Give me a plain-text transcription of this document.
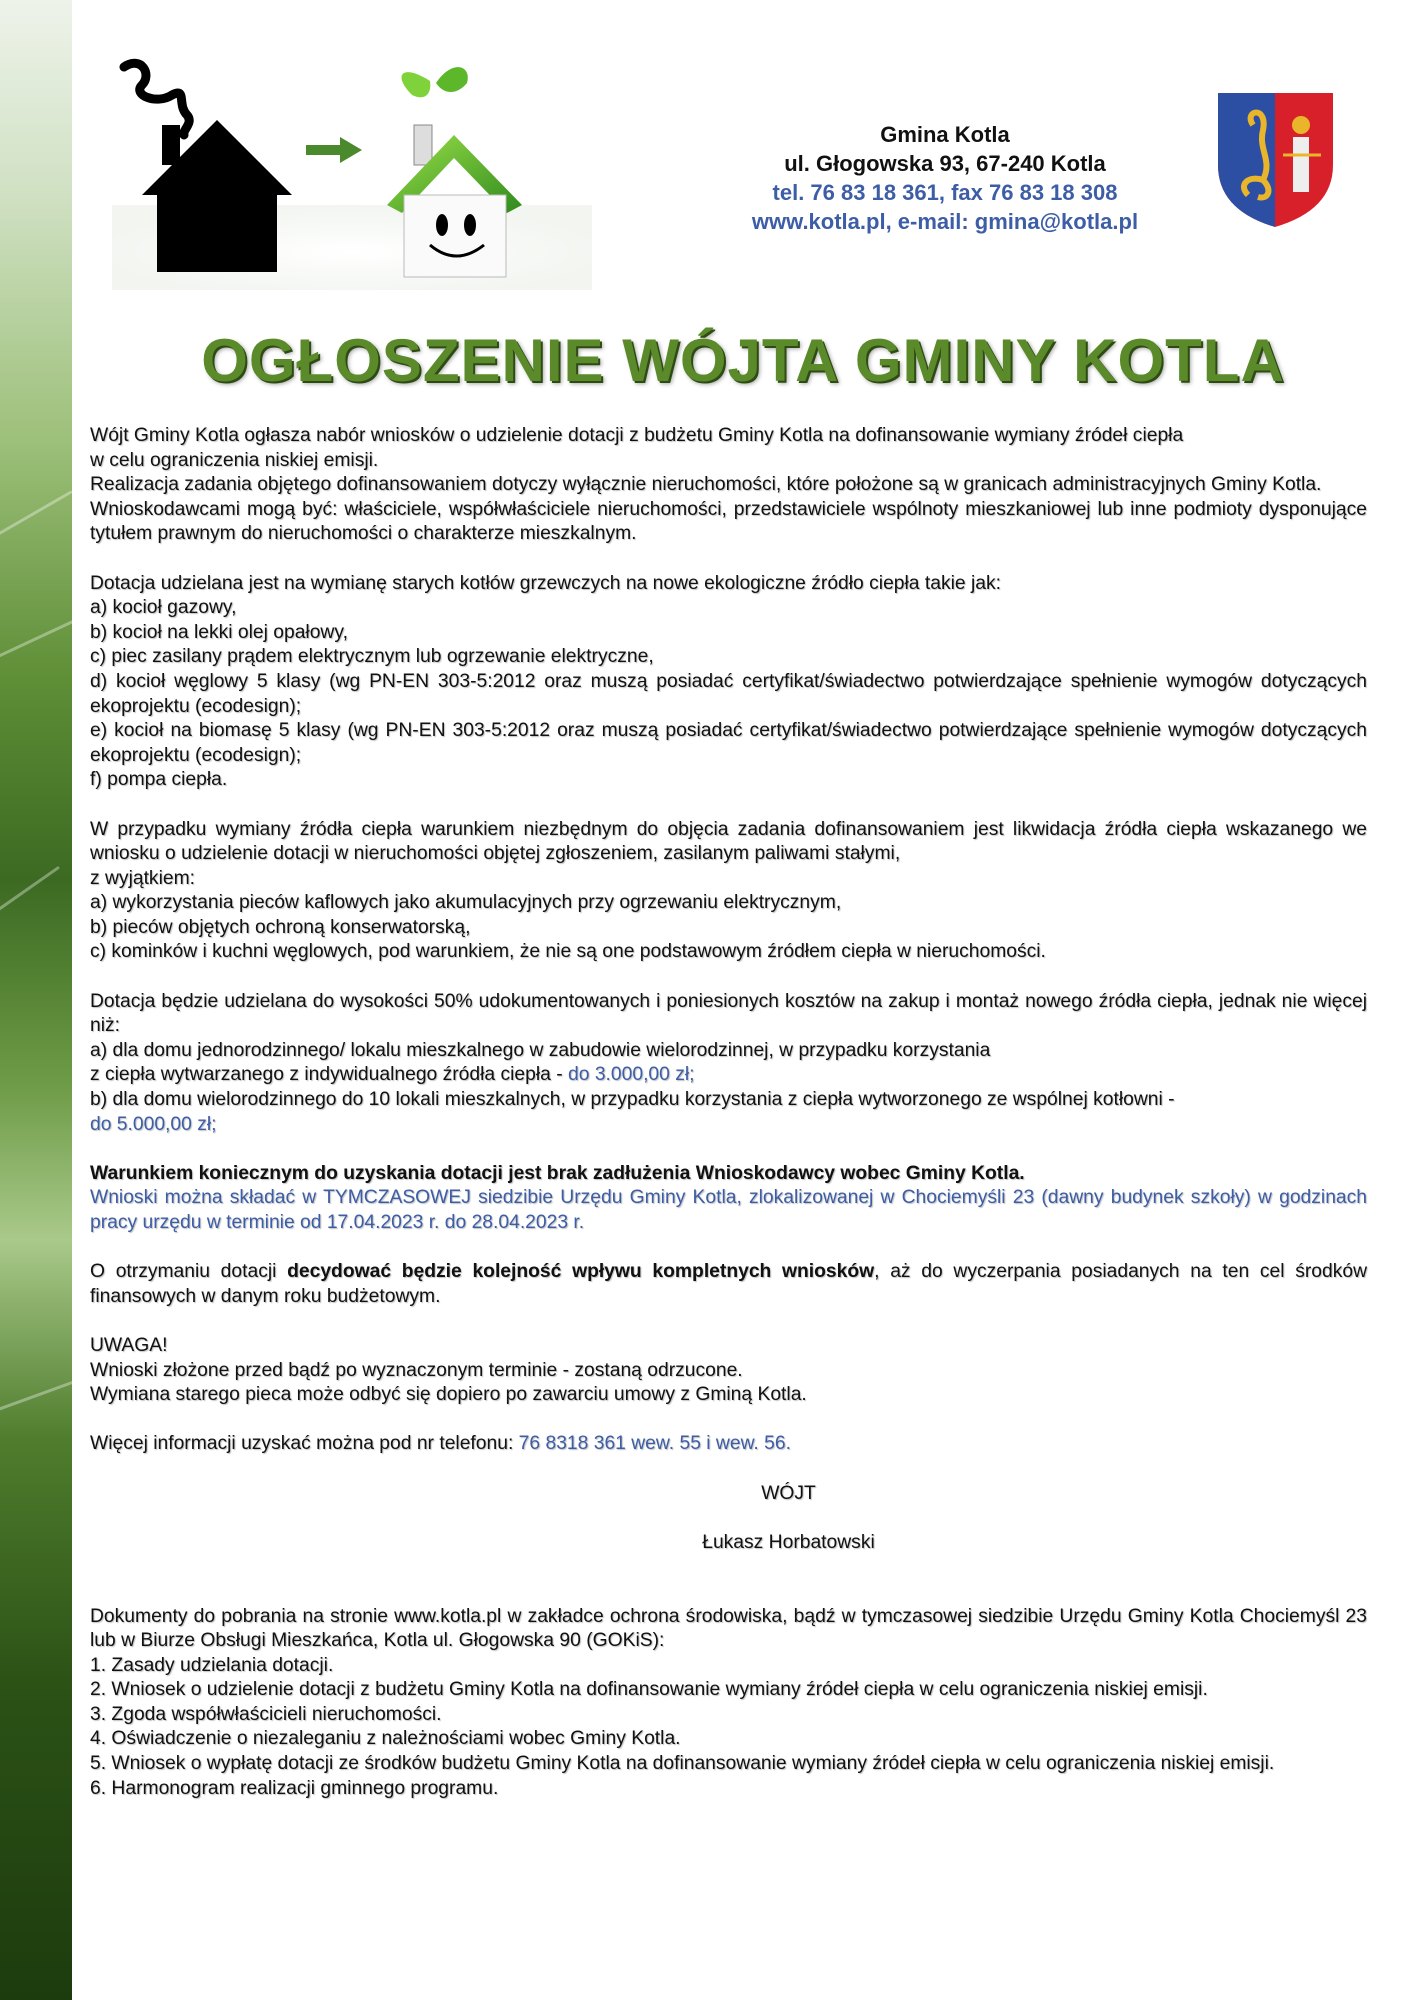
Gmina Kotla
ul. Głogowska 93, 67-240 Kotla
tel. 76 83 18 361, fax 76 83 18 308
www.kotla.pl, e-mail: gmina@kotla.pl
OGŁOSZENIE WÓJTA GMINY KOTLA

Wójt Gminy Kotla ogłasza nabór wniosków o udzielenie dotacji z budżetu Gminy Kotla na dofinansowanie wymiany źródeł ciepła

w celu ograniczenia niskiej emisji.

Realizacja zadania objętego dofinansowaniem dotyczy wyłącznie nieruchomości, które położone są w granicach administracyjnych Gminy Kotla.

Wnioskodawcami mogą być: właściciele, współwłaściciele nieruchomości, przedstawiciele wspólnoty mieszkaniowej lub inne podmioty dysponujące tytułem prawnym do nieruchomości o charakterze mieszkalnym.

Dotacja udzielana jest na wymianę starych kotłów grzewczych na nowe ekologiczne źródło ciepła takie jak:

a) kocioł gazowy,

b) kocioł na lekki olej opałowy,

c) piec zasilany prądem elektrycznym lub ogrzewanie elektryczne,

d) kocioł węglowy 5 klasy (wg PN-EN 303-5:2012 oraz muszą posiadać certyfikat/świadectwo potwierdzające spełnienie wymogów dotyczących ekoprojektu (ecodesign);

e) kocioł na biomasę 5 klasy (wg PN-EN 303-5:2012 oraz muszą posiadać certyfikat/świadectwo potwierdzające spełnienie wymogów dotyczących ekoprojektu (ecodesign);

f) pompa ciepła.

W przypadku wymiany źródła ciepła warunkiem niezbędnym do objęcia zadania dofinansowaniem jest likwidacja źródła ciepła wskazanego we wniosku o udzielenie dotacji w nieruchomości objętej zgłoszeniem, zasilanym paliwami stałymi,

z wyjątkiem:

a) wykorzystania pieców kaflowych jako akumulacyjnych przy ogrzewaniu elektrycznym,

b) pieców objętych ochroną konserwatorską,

c) kominków i kuchni węglowych, pod warunkiem, że nie są one podstawowym źródłem ciepła w nieruchomości.

Dotacja będzie udzielana do wysokości 50% udokumentowanych i poniesionych kosztów na zakup i montaż nowego źródła ciepła, jednak nie więcej niż:

a) dla domu jednorodzinnego/ lokalu mieszkalnego w zabudowie wielorodzinnej, w przypadku korzystania

z ciepła wytwarzanego z indywidualnego źródła ciepła - do 3.000,00 zł;

b) dla domu wielorodzinnego do 10 lokali mieszkalnych, w przypadku korzystania z ciepła wytworzonego ze wspólnej kotłowni -

do 5.000,00 zł;

Warunkiem koniecznym do uzyskania dotacji jest brak zadłużenia Wnioskodawcy wobec Gminy Kotla.

Wnioski można składać w TYMCZASOWEJ siedzibie Urzędu Gminy Kotla, zlokalizowanej w Chociemyśli 23 (dawny budynek szkoły) w godzinach pracy urzędu w terminie od 17.04.2023 r. do 28.04.2023 r.

O otrzymaniu dotacji decydować będzie kolejność wpływu kompletnych wniosków, aż do wyczerpania posiadanych na ten cel środków finansowych w danym roku budżetowym.

UWAGA!

Wnioski złożone przed bądź po wyznaczonym terminie - zostaną odrzucone.

Wymiana starego pieca może odbyć się dopiero po zawarciu umowy z Gminą Kotla.

Więcej informacji uzyskać można pod nr telefonu: 76 8318 361 wew. 55 i wew. 56.

WÓJT

Łukasz Horbatowski

Dokumenty do pobrania na stronie www.kotla.pl w zakładce ochrona środowiska, bądź w tymczasowej siedzibie Urzędu Gminy Kotla Chociemyśl 23 lub w Biurze Obsługi Mieszkańca, Kotla ul. Głogowska 90 (GOKiS):

1. Zasady udzielania dotacji.

2. Wniosek o udzielenie dotacji z budżetu Gminy Kotla na dofinansowanie wymiany źródeł ciepła w celu ograniczenia niskiej emisji.

3. Zgoda współwłaścicieli nieruchomości.

4. Oświadczenie o niezaleganiu z należnościami wobec Gminy Kotla.

5. Wniosek o wypłatę dotacji ze środków budżetu Gminy Kotla na dofinansowanie wymiany źródeł ciepła w celu ograniczenia niskiej emisji.

6. Harmonogram realizacji gminnego programu.
